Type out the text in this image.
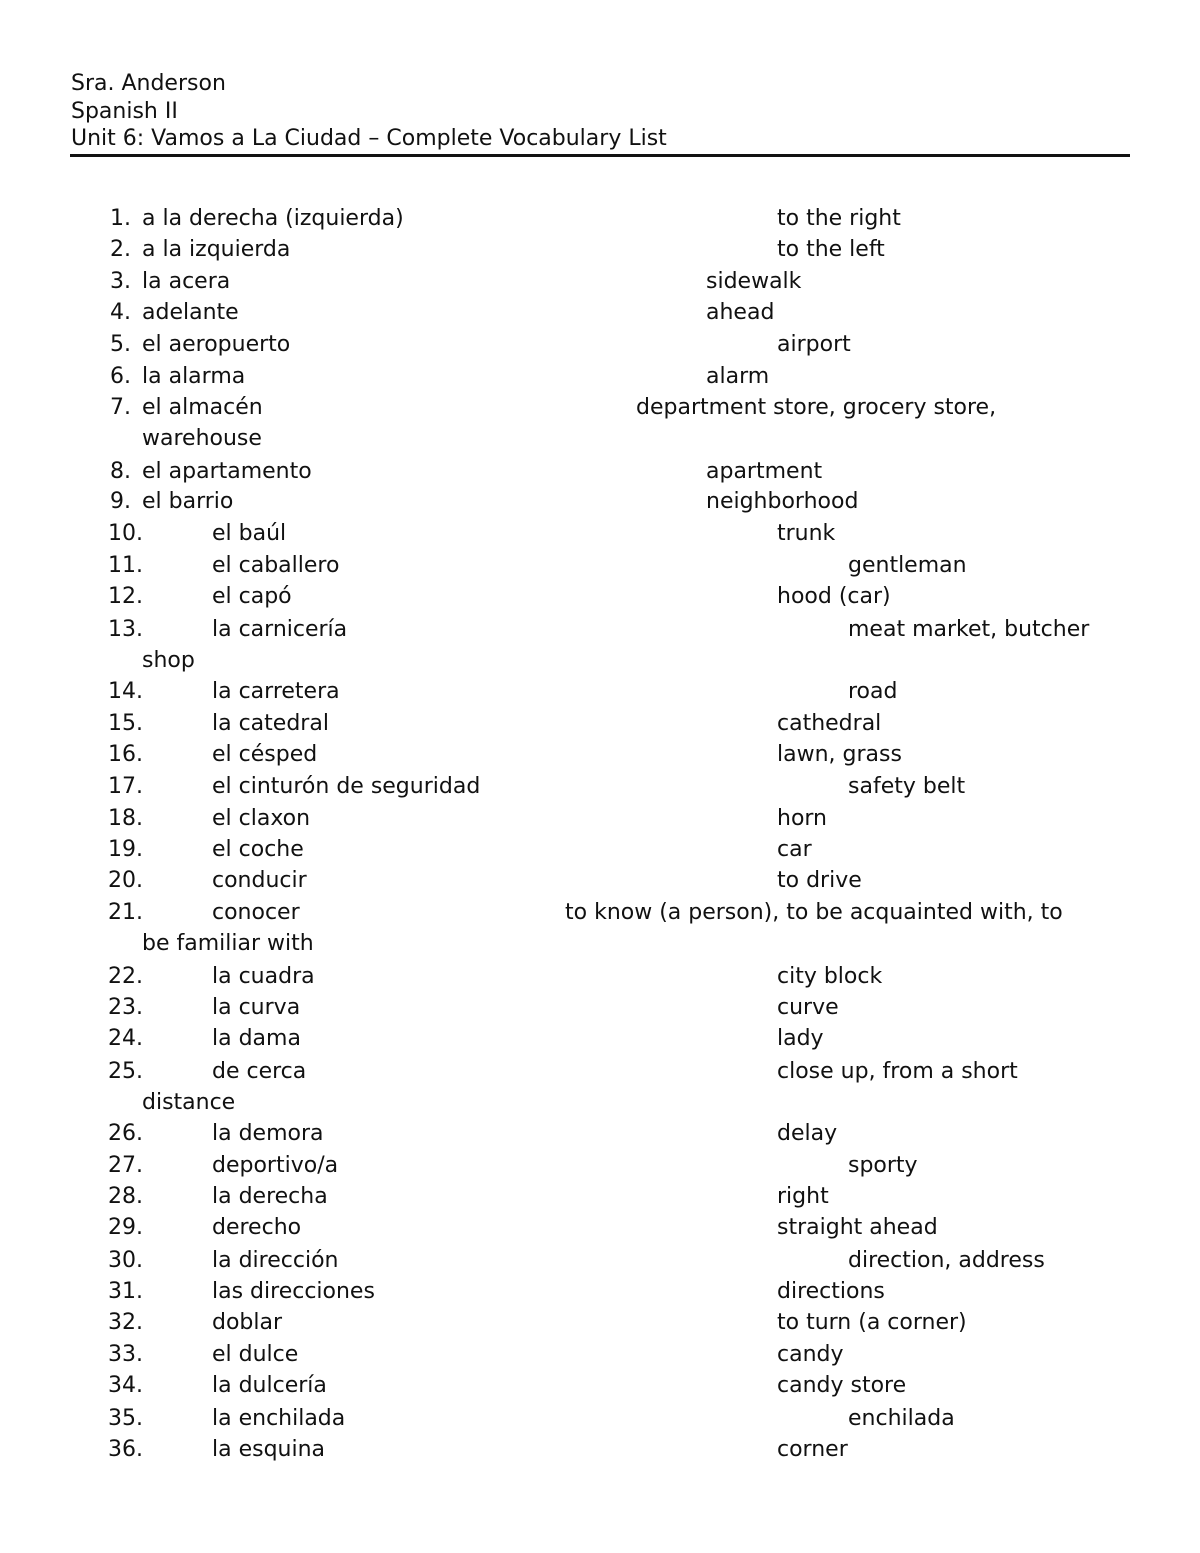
Sra. Anderson
Spanish II
Unit 6: Vamos a La Ciudad – Complete Vocabulary List
1. a la derecha (izquierda)	to the right
2. a la izquierda	to the left
3. la acera	sidewalk
4. adelante	ahead
5. el aeropuerto	airport
6. la alarma	alarm
7. el almacén	department store, grocery store,
warehouse
8. el apartamento	apartment
9. el barrio	neighborhood
10.	el baúl	trunk
11.	el caballero	gentleman
12.	el capó	hood (car)
13.	la carnicería	meat market, butcher
shop
14.	la carretera	road
15.	la catedral	cathedral
16.	el césped	lawn, grass
17.	el cinturón de seguridad	safety belt
18.	el claxon	horn
19.	el coche	car
20.	conducir	to drive
21.	conocer	to know (a person), to be acquainted with, to
be familiar with
22.	la cuadra	city block
23.	la curva	curve
24.	la dama	lady
25.	de cerca	close up, from a short
distance
26.	la demora	delay
27.	deportivo/a	sporty
28.	la derecha	right
29.	derecho	straight ahead
30.	la dirección	direction, address
31.	las direcciones	directions
32.	doblar	to turn (a corner)
33.	el dulce	candy
34.	la dulcería	candy store
35.	la enchilada	enchilada
36.	la esquina	corner
